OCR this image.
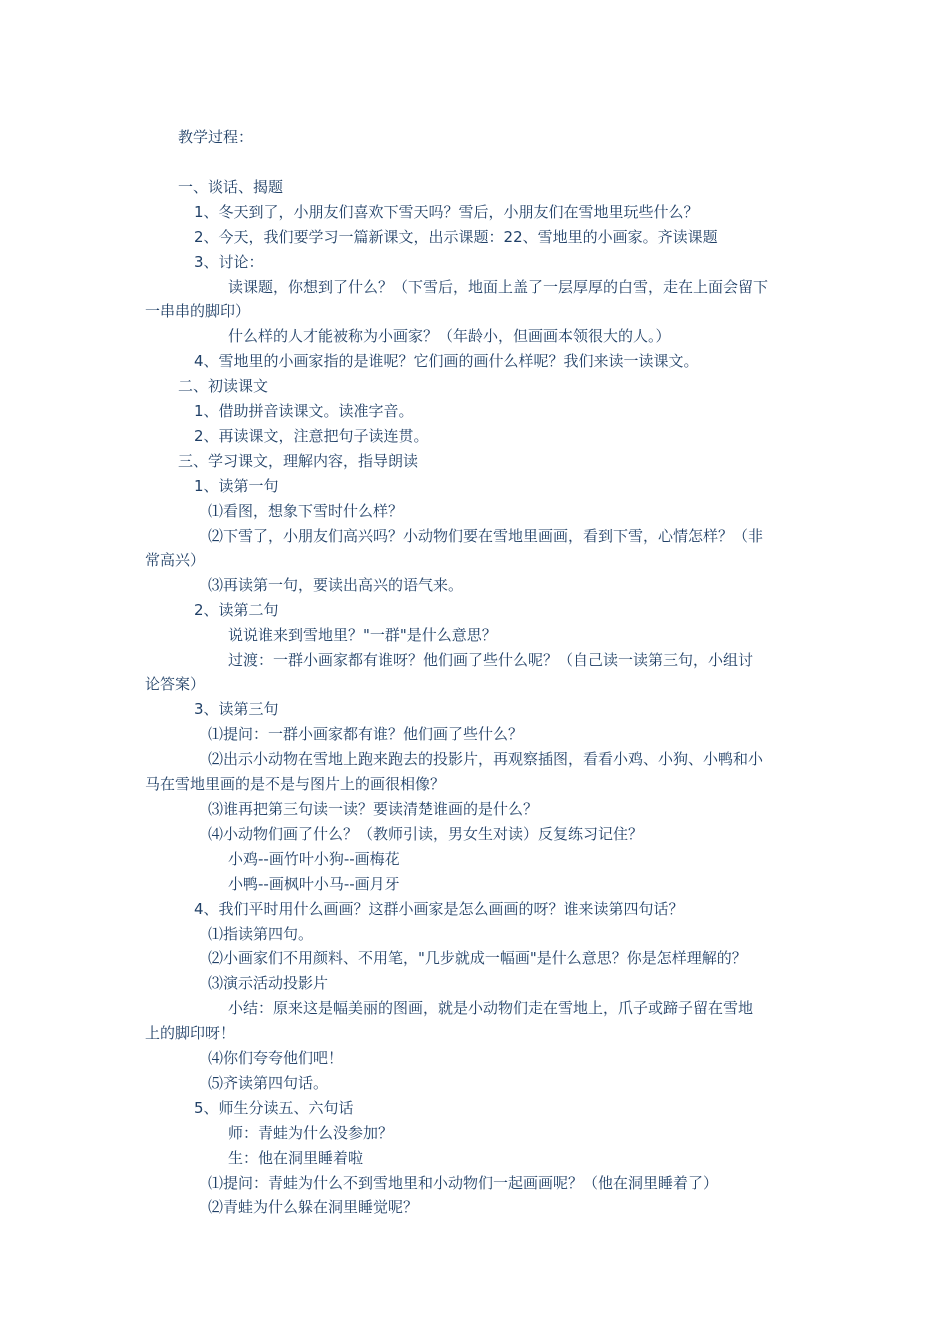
教学过程：
一、谈话、揭题
1、冬天到了，小朋友们喜欢下雪天吗？雪后，小朋友们在雪地里玩些什么？
2、今天，我们要学习一篇新课文，出示课题：22、雪地里的小画家。齐读课题
3、讨论：
读课题，你想到了什么？（下雪后，地面上盖了一层厚厚的白雪，走在上面会留下
一串串的脚印）
什么样的人才能被称为小画家？（年龄小，但画画本领很大的人。）
4、雪地里的小画家指的是谁呢？它们画的画什么样呢？我们来读一读课文。
二、初读课文
1、借助拼音读课文。读准字音。
2、再读课文，注意把句子读连贯。
三、学习课文，理解内容，指导朗读
1、读第一句
⑴看图，想象下雪时什么样？
⑵下雪了，小朋友们高兴吗？小动物们要在雪地里画画，看到下雪，心情怎样？（非
常高兴）
⑶再读第一句，要读出高兴的语气来。
2、读第二句
说说谁来到雪地里？"一群"是什么意思？
过渡：一群小画家都有谁呀？他们画了些什么呢？（自己读一读第三句，小组讨
论答案）
3、读第三句
⑴提问：一群小画家都有谁？他们画了些什么？
⑵出示小动物在雪地上跑来跑去的投影片，再观察插图，看看小鸡、小狗、小鸭和小
马在雪地里画的是不是与图片上的画很相像？
⑶谁再把第三句读一读？要读清楚谁画的是什么？
⑷小动物们画了什么？（教师引读，男女生对读）反复练习记住？
小鸡--画竹叶小狗--画梅花
小鸭--画枫叶小马--画月牙
4、我们平时用什么画画？这群小画家是怎么画画的呀？谁来读第四句话？
⑴指读第四句。
⑵小画家们不用颜料、不用笔，"几步就成一幅画"是什么意思？你是怎样理解的？
⑶演示活动投影片
小结：原来这是幅美丽的图画，就是小动物们走在雪地上，爪子或蹄子留在雪地
上的脚印呀！
⑷你们夸夸他们吧！
⑸齐读第四句话。
5、师生分读五、六句话
师：青蛙为什么没参加？
生：他在洞里睡着啦
⑴提问：青蛙为什么不到雪地里和小动物们一起画画呢？（他在洞里睡着了）
⑵青蛙为什么躲在洞里睡觉呢？
